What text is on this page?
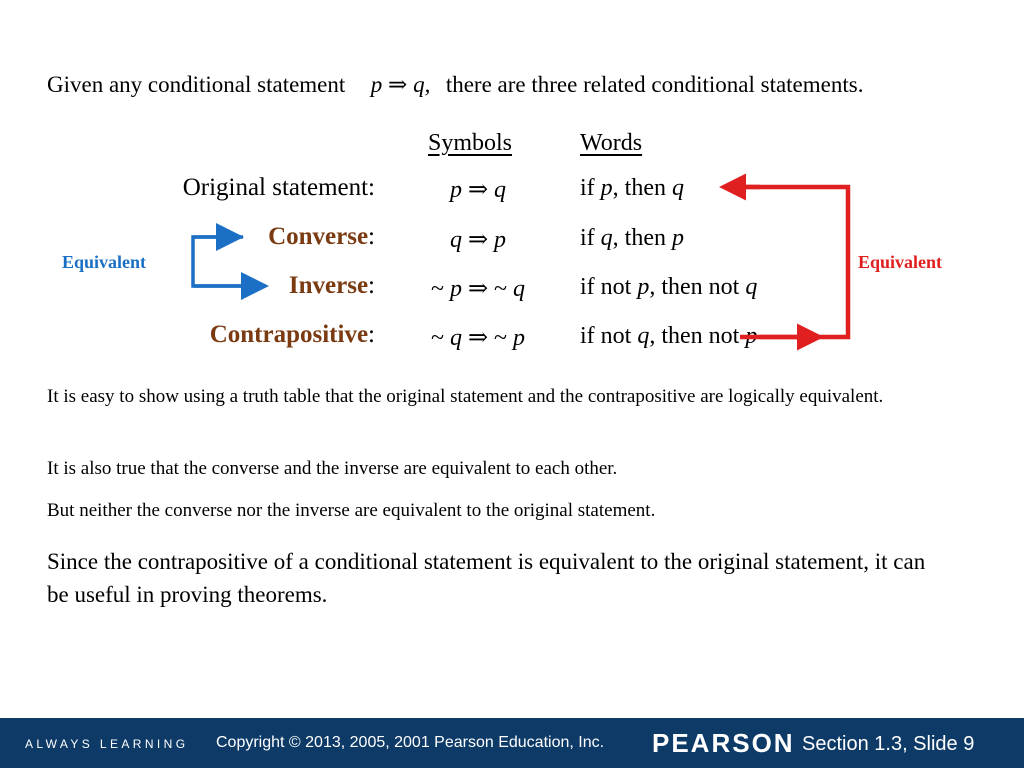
Given any conditional statement p ⇒ q, there are three related conditional statements.
Symbols	Words
Original statement:	p ⇒ q	if p, then q
Converse:	q ⇒ p	if q, then p
Inverse:	~ p ⇒ ~ q	if not p, then not q
Contrapositive:	~ q ⇒ ~ p	if not q, then not p
Equivalent	Equivalent
It is easy to show using a truth table that the original statement and the contrapositive are logically equivalent.
It is also true that the converse and the inverse are equivalent to each other.
But neither the converse nor the inverse are equivalent to the original statement.
Since the contrapositive of a conditional statement is equivalent to the original statement, it can be useful in proving theorems.
ALWAYS LEARNING Copyright © 2013, 2005, 2001 Pearson Education, Inc. PEARSON Section 1.3, Slide 9
